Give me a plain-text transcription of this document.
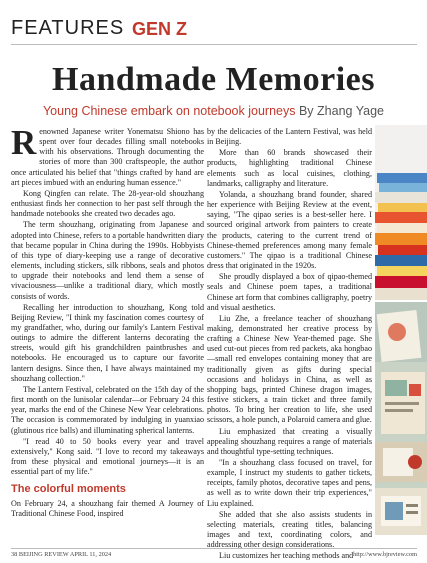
FEATURES GEN Z
Handmade Memories
Young Chinese embark on notebook journeys By Zhang Yage

Renowned Japanese writer Yonematsu Shiono has spent over four decades filling small notebooks with his observations. Through documenting the stories of more than 300 craftspeople, the author once articulated his belief that "things crafted by hand are art pieces imbued with an enduring human essence."

Kong Qingfen can relate. The 28-year-old shouzhang enthusiast finds her connection to her past self through the handmade notebooks she created two decades ago.

The term shouzhang, originating from Japanese and adopted into Chinese, refers to a portable handwritten diary that became popular in China during the 1990s. Hobbyists of this type of diary-keeping use a range of decorative elements, including stickers, silk ribbons, seals and photos to upgrade their notebooks and lend them a sense of vivaciousness—unlike a traditional diary, which mostly consists of words.

Recalling her introduction to shouzhang, Kong told Beijing Review, "I think my fascination comes courtesy of my grandfather, who, during our family's Lantern Festival outings to admire the different lanterns decorating the streets, would gift his grandchildren paintbrushes and notebooks. He encouraged us to capture our favorite lantern designs. Since then, I have always maintained my shouzhang collection."

The Lantern Festival, celebrated on the 15th day of the first month on the lunisolar calendar—or February 24 this year, marks the end of the Chinese New Year celebrations. The occasion is commemorated by indulging in yuanxiao (glutinous rice balls) and illuminating spherical lanterns.

"I read 40 to 50 books every year and travel extensively," Kong said. "I love to record my takeaways from these physical and emotional journeys—it is an essential part of my life."

The colorful moments

On February 24, a shouzhang fair themed A Journey of Traditional Chinese Food, inspired

by the delicacies of the Lantern Festival, was held in Beijing.

More than 60 brands showcased their products, highlighting traditional Chinese elements such as local cuisines, clothing, landmarks, calligraphy and literature.

Yolanda, a shouzhang brand founder, shared her experience with Beijing Review at the event, saying, "The qipao series is a best-seller here. I sourced original artwork from painters to create the products, catering to the current trend of Chinese-themed preferences among many female customers." The qipao is a traditional Chinese dress that originated in the 1920s.

She proudly displayed a box of qipao-themed seals and Chinese poem tapes, a traditional Chinese art form that combines calligraphy, poetry and visual aesthetics.

Liu Zhe, a freelance teacher of shouzhang making, demonstrated her creative process by crafting a Chinese New Year-themed page. She used cut-out pieces from red packets, aka hongbao—small red envelopes containing money that are traditionally given as gifts during special occasions and holidays in China, as well as shopping bags, printed Chinese dragon images, festive stickers, a train ticket and three family photos. To bring her creation to life, she used scissors, a hole punch, a Polaroid camera and glue.

Liu emphasized that creating a visually appealing shouzhang requires a range of materials and thoughtful type-setting techniques.

"In a shouzhang class focused on travel, for example, I instruct my students to gather tickets, receipts, family photos, decorative tapes and pens, as well as to write down their trip experiences," Liu explained.

She added that she also assists students in selecting materials, creating titles, balancing images and text, coordinating colors, and addressing other design considerations.

Liu customizes her teaching methods and

38 BEIJING REVIEW APRIL 11, 2024	http://www.bjreview.com
